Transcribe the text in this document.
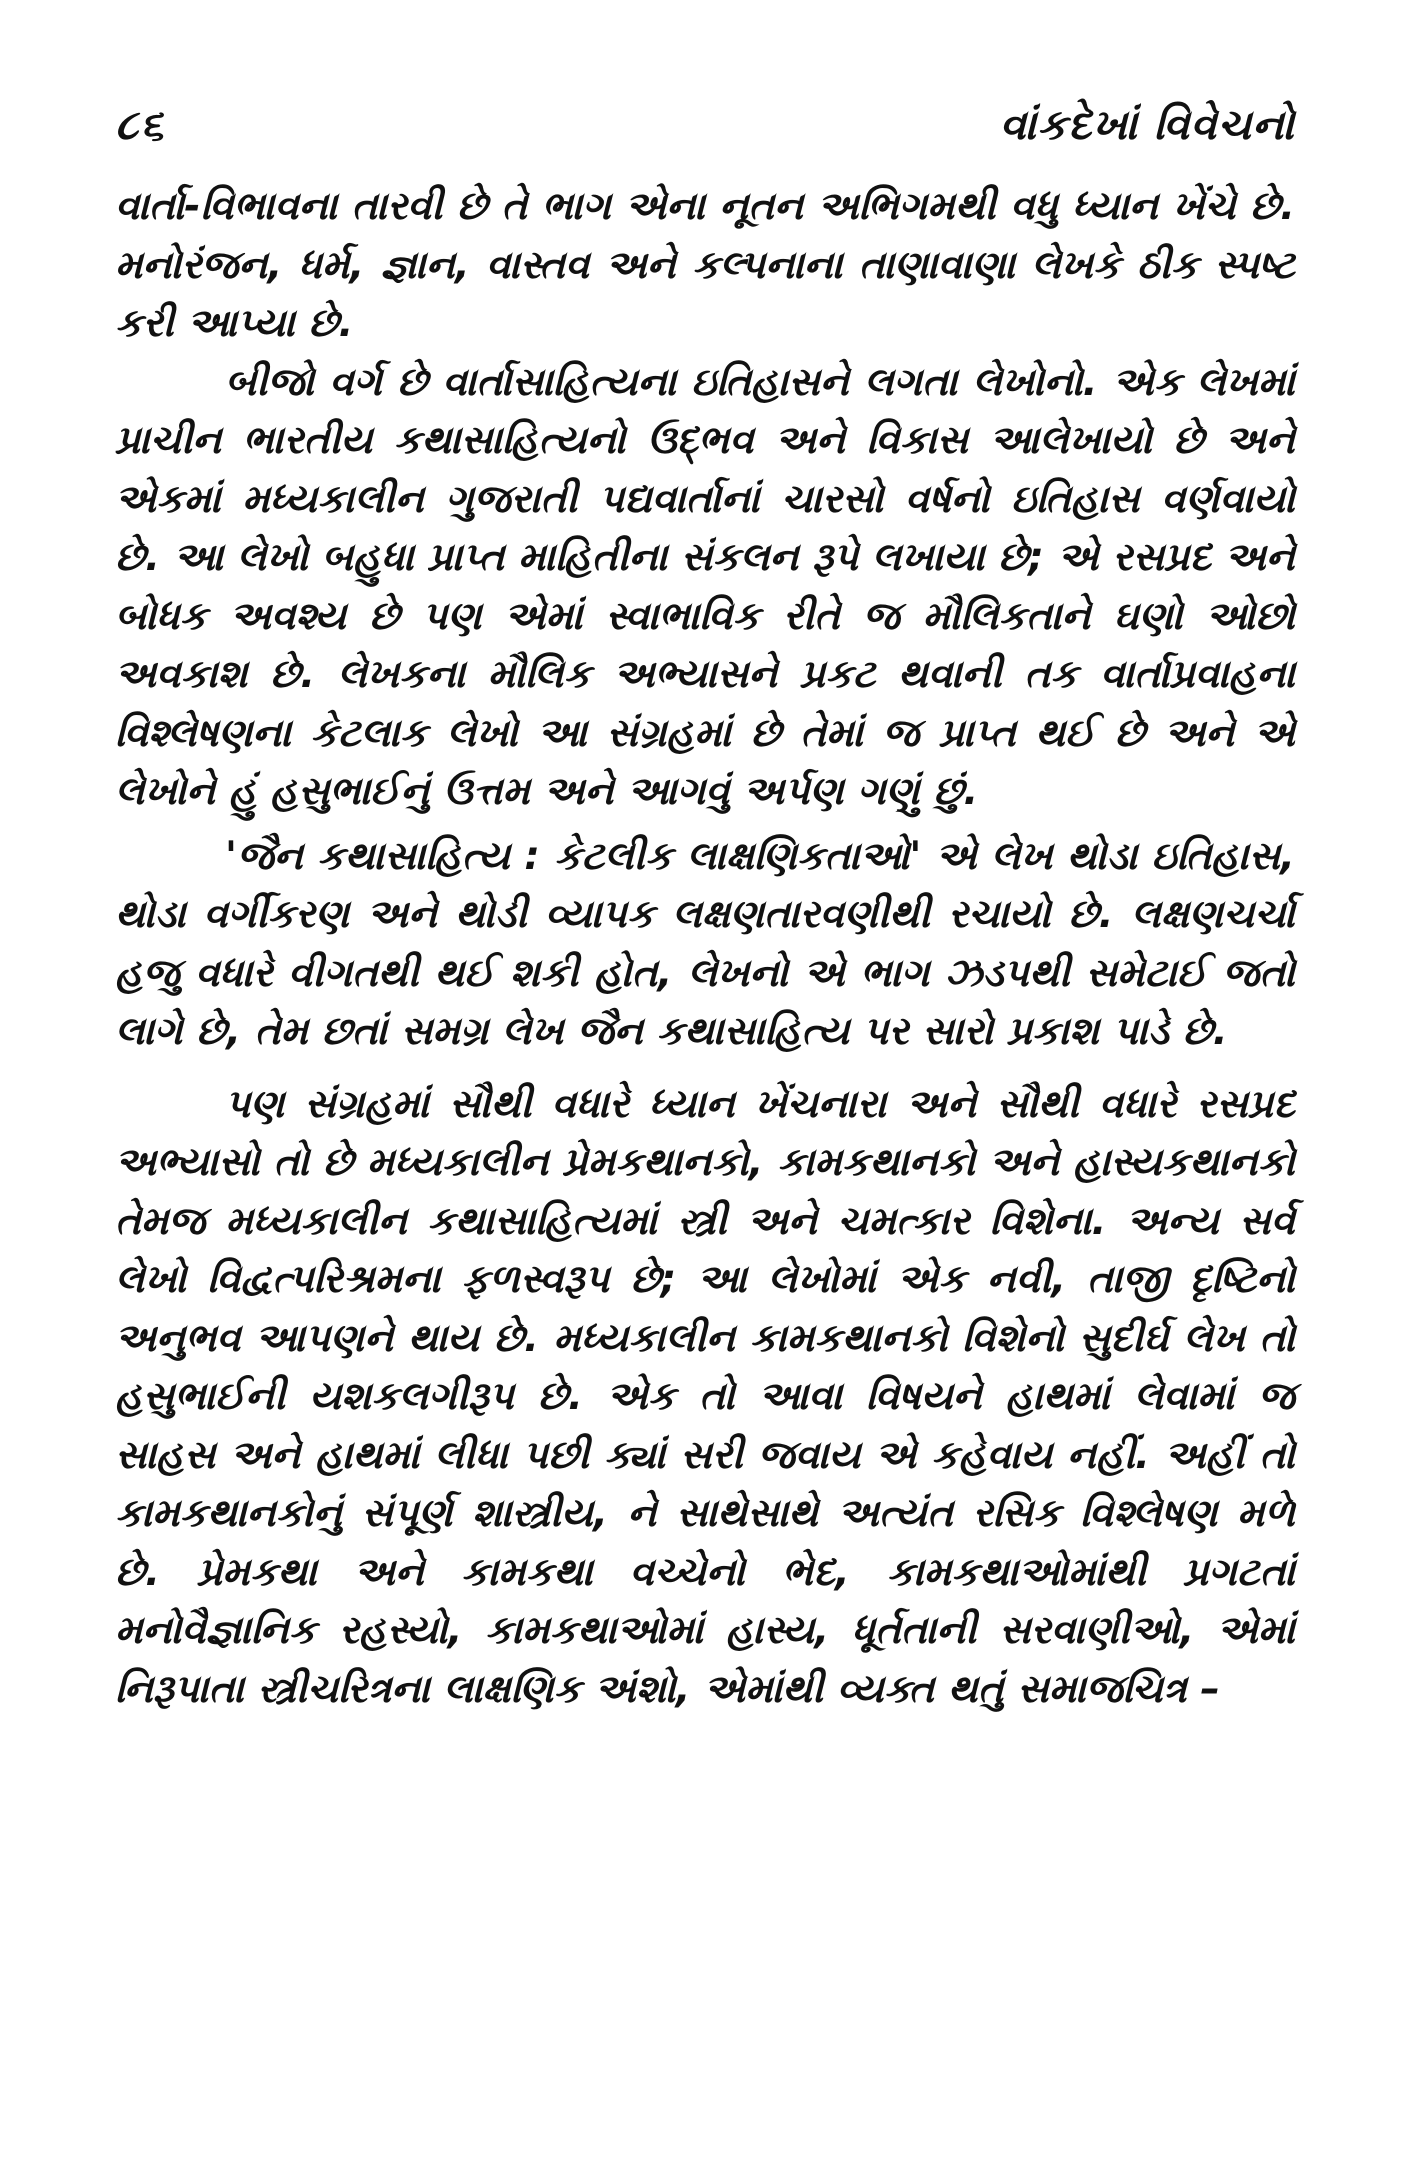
૮૬	વાંકદેખાં વિવેચનો

વાર્તા-વિભાવના તારવી છે તે ભાગ એના નૂતન અભિગમથી વધુ ધ્યાન ખેંચે છે. મનોરંજન, ધર્મ, જ્ઞાન, વાસ્તવ અને કલ્પનાના તાણાવાણા લેખકે ઠીક સ્પષ્ટ કરી આપ્યા છે.

બીજો વર્ગ છે વાર્તાસાહિત્યના ઇતિહાસને લગતા લેખોનો. એક લેખમાં પ્રાચીન ભારતીય કથાસાહિત્યનો ઉદ્ભવ અને વિકાસ આલેખાયો છે અને એકમાં મધ્યકાલીન ગુજરાતી પદ્યવાર્તાનાં ચારસો વર્ષનો ઇતિહાસ વર્ણવાયો છે. આ લેખો બહુધા પ્રાપ્ત માહિતીના સંકલન રૂપે લખાયા છે; એ રસપ્રદ અને બોધક અવશ્ય છે પણ એમાં સ્વાભાવિક રીતે જ મૌલિકતાને ઘણો ઓછો અવકાશ છે. લેખકના મૌલિક અભ્યાસને પ્રકટ થવાની તક વાર્તાપ્રવાહના વિશ્લેષણના કેટલાક લેખો આ સંગ્રહમાં છે તેમાં જ પ્રાપ્ત થઈ છે અને એ લેખોને હું હસુભાઈનું ઉત્તમ અને આગવું અર્પણ ગણું છું.

'જૈન કથાસાહિત્ય : કેટલીક લાક્ષણિકતાઓ' એ લેખ થોડા ઇતિહાસ, થોડા વર્ગીકરણ અને થોડી વ્યાપક લક્ષણતારવણીથી રચાયો છે. લક્ષણચર્ચા હજુ વધારે વીગતથી થઈ શકી હોત, લેખનો એ ભાગ ઝડપથી સમેટાઈ જતો લાગે છે, તેમ છતાં સમગ્ર લેખ જૈન કથાસાહિત્ય પર સારો પ્રકાશ પાડે છે.

પણ સંગ્રહમાં સૌથી વધારે ધ્યાન ખેંચનારા અને સૌથી વધારે રસપ્રદ અભ્યાસો તો છે મધ્યકાલીન પ્રેમકથાનકો, કામકથાનકો અને હાસ્યકથાનકો તેમજ મધ્યકાલીન કથાસાહિત્યમાં સ્ત્રી અને ચમત્કાર વિશેના. અન્ય સર્વ લેખો વિદ્વત્પરિશ્રમના ફળસ્વરૂપ છે; આ લેખોમાં એક નવી, તાજી દૃષ્ટિનો અનુભવ આપણને થાય છે. મધ્યકાલીન કામકથાનકો વિશેનો સુદીર્ઘ લેખ તો હસુભાઈની યશકલગીરૂપ છે. એક તો આવા વિષયને હાથમાં લેવામાં જ સાહસ અને હાથમાં લીધા પછી ક્યાં સરી જવાય એ કહેવાય નહીં. અહીં તો કામકથાનકોનું સંપૂર્ણ શાસ્ત્રીય, ને સાથેસાથે અત્યંત રસિક વિશ્લેષણ મળે છે. પ્રેમકથા અને કામકથા વચ્ચેનો ભેદ, કામકથાઓમાંથી પ્રગટતાં મનોવૈજ્ઞાનિક રહસ્યો, કામકથાઓમાં હાસ્ય, ધૂર્તતાની સરવાણીઓ, એમાં નિરૂપાતા સ્ત્રીચરિત્રના લાક્ષણિક અંશો, એમાંથી વ્યક્ત થતું સમાજચિત્ર –
